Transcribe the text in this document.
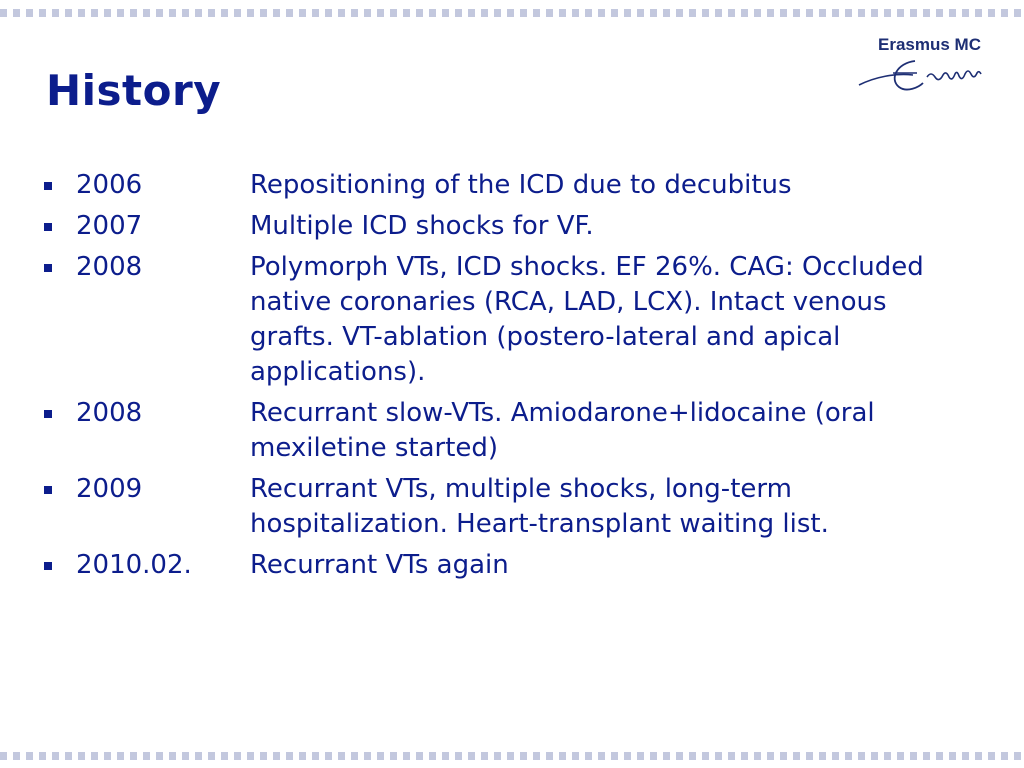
History
Erasmus MC
2006	Repositioning of the ICD due to decubitus
2007	Multiple ICD shocks for VF.
2008	Polymorph VTs, ICD shocks. EF 26%. CAG: Occluded native coronaries (RCA, LAD, LCX). Intact venous grafts. VT-ablation (postero-lateral and apical applications).
2008	Recurrant slow-VTs. Amiodarone+lidocaine (oral mexiletine started)
2009	Recurrant VTs, multiple shocks, long-term hospitalization. Heart-transplant waiting list.
2010.02.	Recurrant VTs again
